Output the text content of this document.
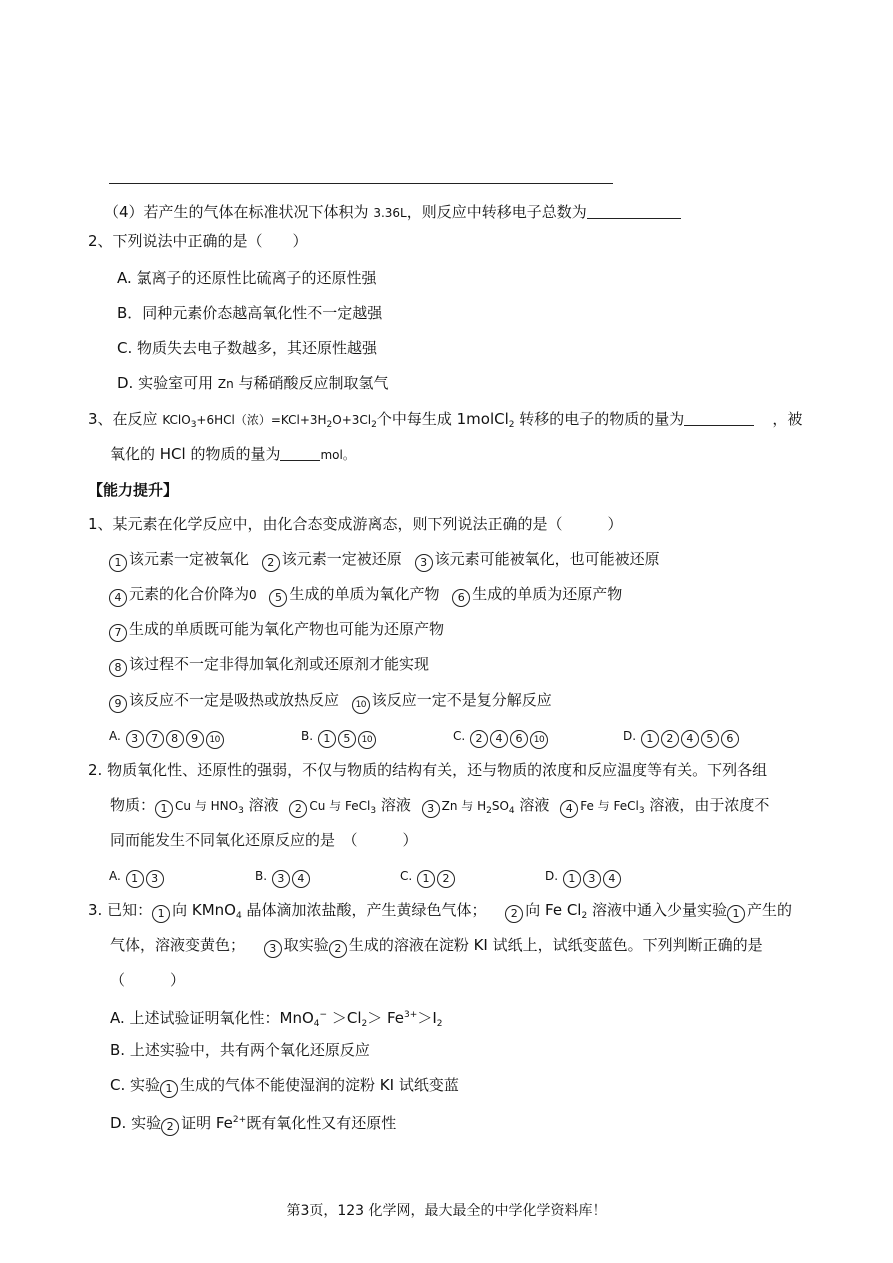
（4）若产生的气体在标准状况下体积为 3.36L，则反应中转移电子总数为
2、下列说法中正确的是（　　）
A. 氯离子的还原性比硫离子的还原性强
B．同种元素价态越高氧化性不一定越强
C. 物质失去电子数越多，其还原性越强
D. 实验室可用 Zn 与稀硝酸反应制取氢气
3、在反应 KClO$_3$+6HCl（浓）$=KCl+3H_2O+3Cl_2$个中每生成 1molCl$_2$ 转移的电子的物质的量为	，被
氧化的 HCl 的物质的量为	mol。
【能力提升】
1、某元素在化学反应中，由化合态变成游离态，则下列说法正确的是（　　　）
1 该元素一定被氧化 2 该元素一定被还原 3 该元素可能被氧化，也可能被还原
4 元素的化合价降为0 5 生成的单质为氧化产物 6 生成的单质为还原产物
7 生成的单质既可能为氧化产物也可能为还原产物
8 该过程不一定非得加氧化剂或还原剂才能实现
9 该反应不一定是吸热或放热反应 10 该反应一定不是复分解反应
A. 3 7 8 9 10	B. 1 5 10	C. 2 4 6 10	D. 1 2 4 5 6
2. 物质氧化性、还原性的强弱，不仅与物质的结构有关，还与物质的浓度和反应温度等有关。下列各组
物质： 1 Cu 与 $HNO_3$ 溶液 2 Cu 与 FeCl$_3$ 溶液 3 Zn 与 $H_2SO_4$ 溶液 4 Fe 与 FeCl$_3$ 溶液，由于浓度不
同而能发生不同氧化还原反应的是　（　　　）
A. 1 3	B. 3 4	C. 1 2	D. 1 3 4
3. 已知： 1 向 KMnO$_4$ 晶体滴加浓盐酸，产生黄绿色气体； 2 向 Fe $Cl_2$ 溶液中通入少量实验 1 产生的
气体，溶液变黄色； 3 取实验 2 生成的溶液在淀粉 KI 试纸上，试纸变蓝色。下列判断正确的是
（　　　）
A. 上述试验证明氧化性：$MnO_4^- >Cl_2> Fe^{3+}>I_2$
B. 上述实验中，共有两个氧化还原反应
C. 实验 1 生成的气体不能使湿润的淀粉 KI 试纸变蓝
D. 实验 2 证明 $Fe^{2+}$既有氧化性又有还原性
第3页，123 化学网，最大最全的中学化学资料库！
